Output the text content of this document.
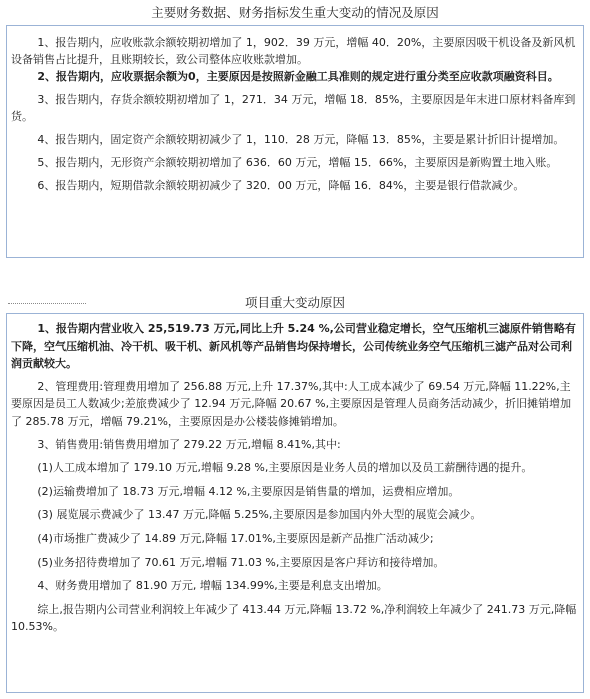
主要财务数据、财务指标发生重大变动的情况及原因

1、报告期内，应收账款余额较期初增加了 1，902．39 万元，增幅 40．20%，主要原因吸干机设备及新风机设备销售占比提升，且账期较长，致公司整体应收账款增加。

2、报告期内，应收票据余额为0，主要原因是按照新金融工具准则的规定进行重分类至应收款项融资科目。

3、报告期内，存货余额较期初增加了 1，271．34 万元，增幅 18．85%，主要原因是年末进口原材料备库到货。

4、报告期内，固定资产余额较期初减少了 1，110．28 万元，降幅 13．85%，主要是累计折旧计提增加。

5、报告期内，无形资产余额较期初增加了 636．60 万元，增幅 15．66%，主要原因是新购置土地入账。

6、报告期内，短期借款余额较期初减少了 320．00 万元，降幅 16．84%，主要是银行借款减少。

项目重大变动原因

1、报告期内营业收入 25,519.73 万元,同比上升 5.24 %,公司营业稳定增长，空气压缩机三滤原件销售略有下降，空气压缩机油、冷干机、吸干机、新风机等产品销售均保持增长，公司传统业务空气压缩机三滤产品对公司利润贡献较大。

2、管理费用:管理费用增加了 256.88 万元,上升 17.37%,其中:人工成本减少了 69.54 万元,降幅 11.22%,主要原因是员工人数减少;差旅费减少了 12.94 万元,降幅 20.67 %,主要原因是管理人员商务活动减少，折旧摊销增加了 285.78 万元，增幅 79.21%，主要原因是办公楼装修摊销增加。

3、销售费用:销售费用增加了 279.22 万元,增幅 8.41%,其中:

(1)人工成本增加了 179.10 万元,增幅 9.28 %,主要原因是业务人员的增加以及员工薪酬待遇的提升。

(2)运输费增加了 18.73 万元,增幅 4.12 %,主要原因是销售量的增加，运费相应增加。

(3) 展览展示费减少了 13.47 万元,降幅 5.25%,主要原因是参加国内外大型的展览会减少。

(4)市场推广费减少了 14.89 万元,降幅 17.01%,主要原因是新产品推广活动减少;

(5)业务招待费增加了 70.61 万元,增幅 71.03 %,主要原因是客户拜访和接待增加。

4、财务费用增加了 81.90 万元, 增幅 134.99%,主要是利息支出增加。

综上,报告期内公司营业利润较上年减少了 413.44 万元,降幅 13.72 %,净利润较上年减少了 241.73 万元,降幅 10.53%。
